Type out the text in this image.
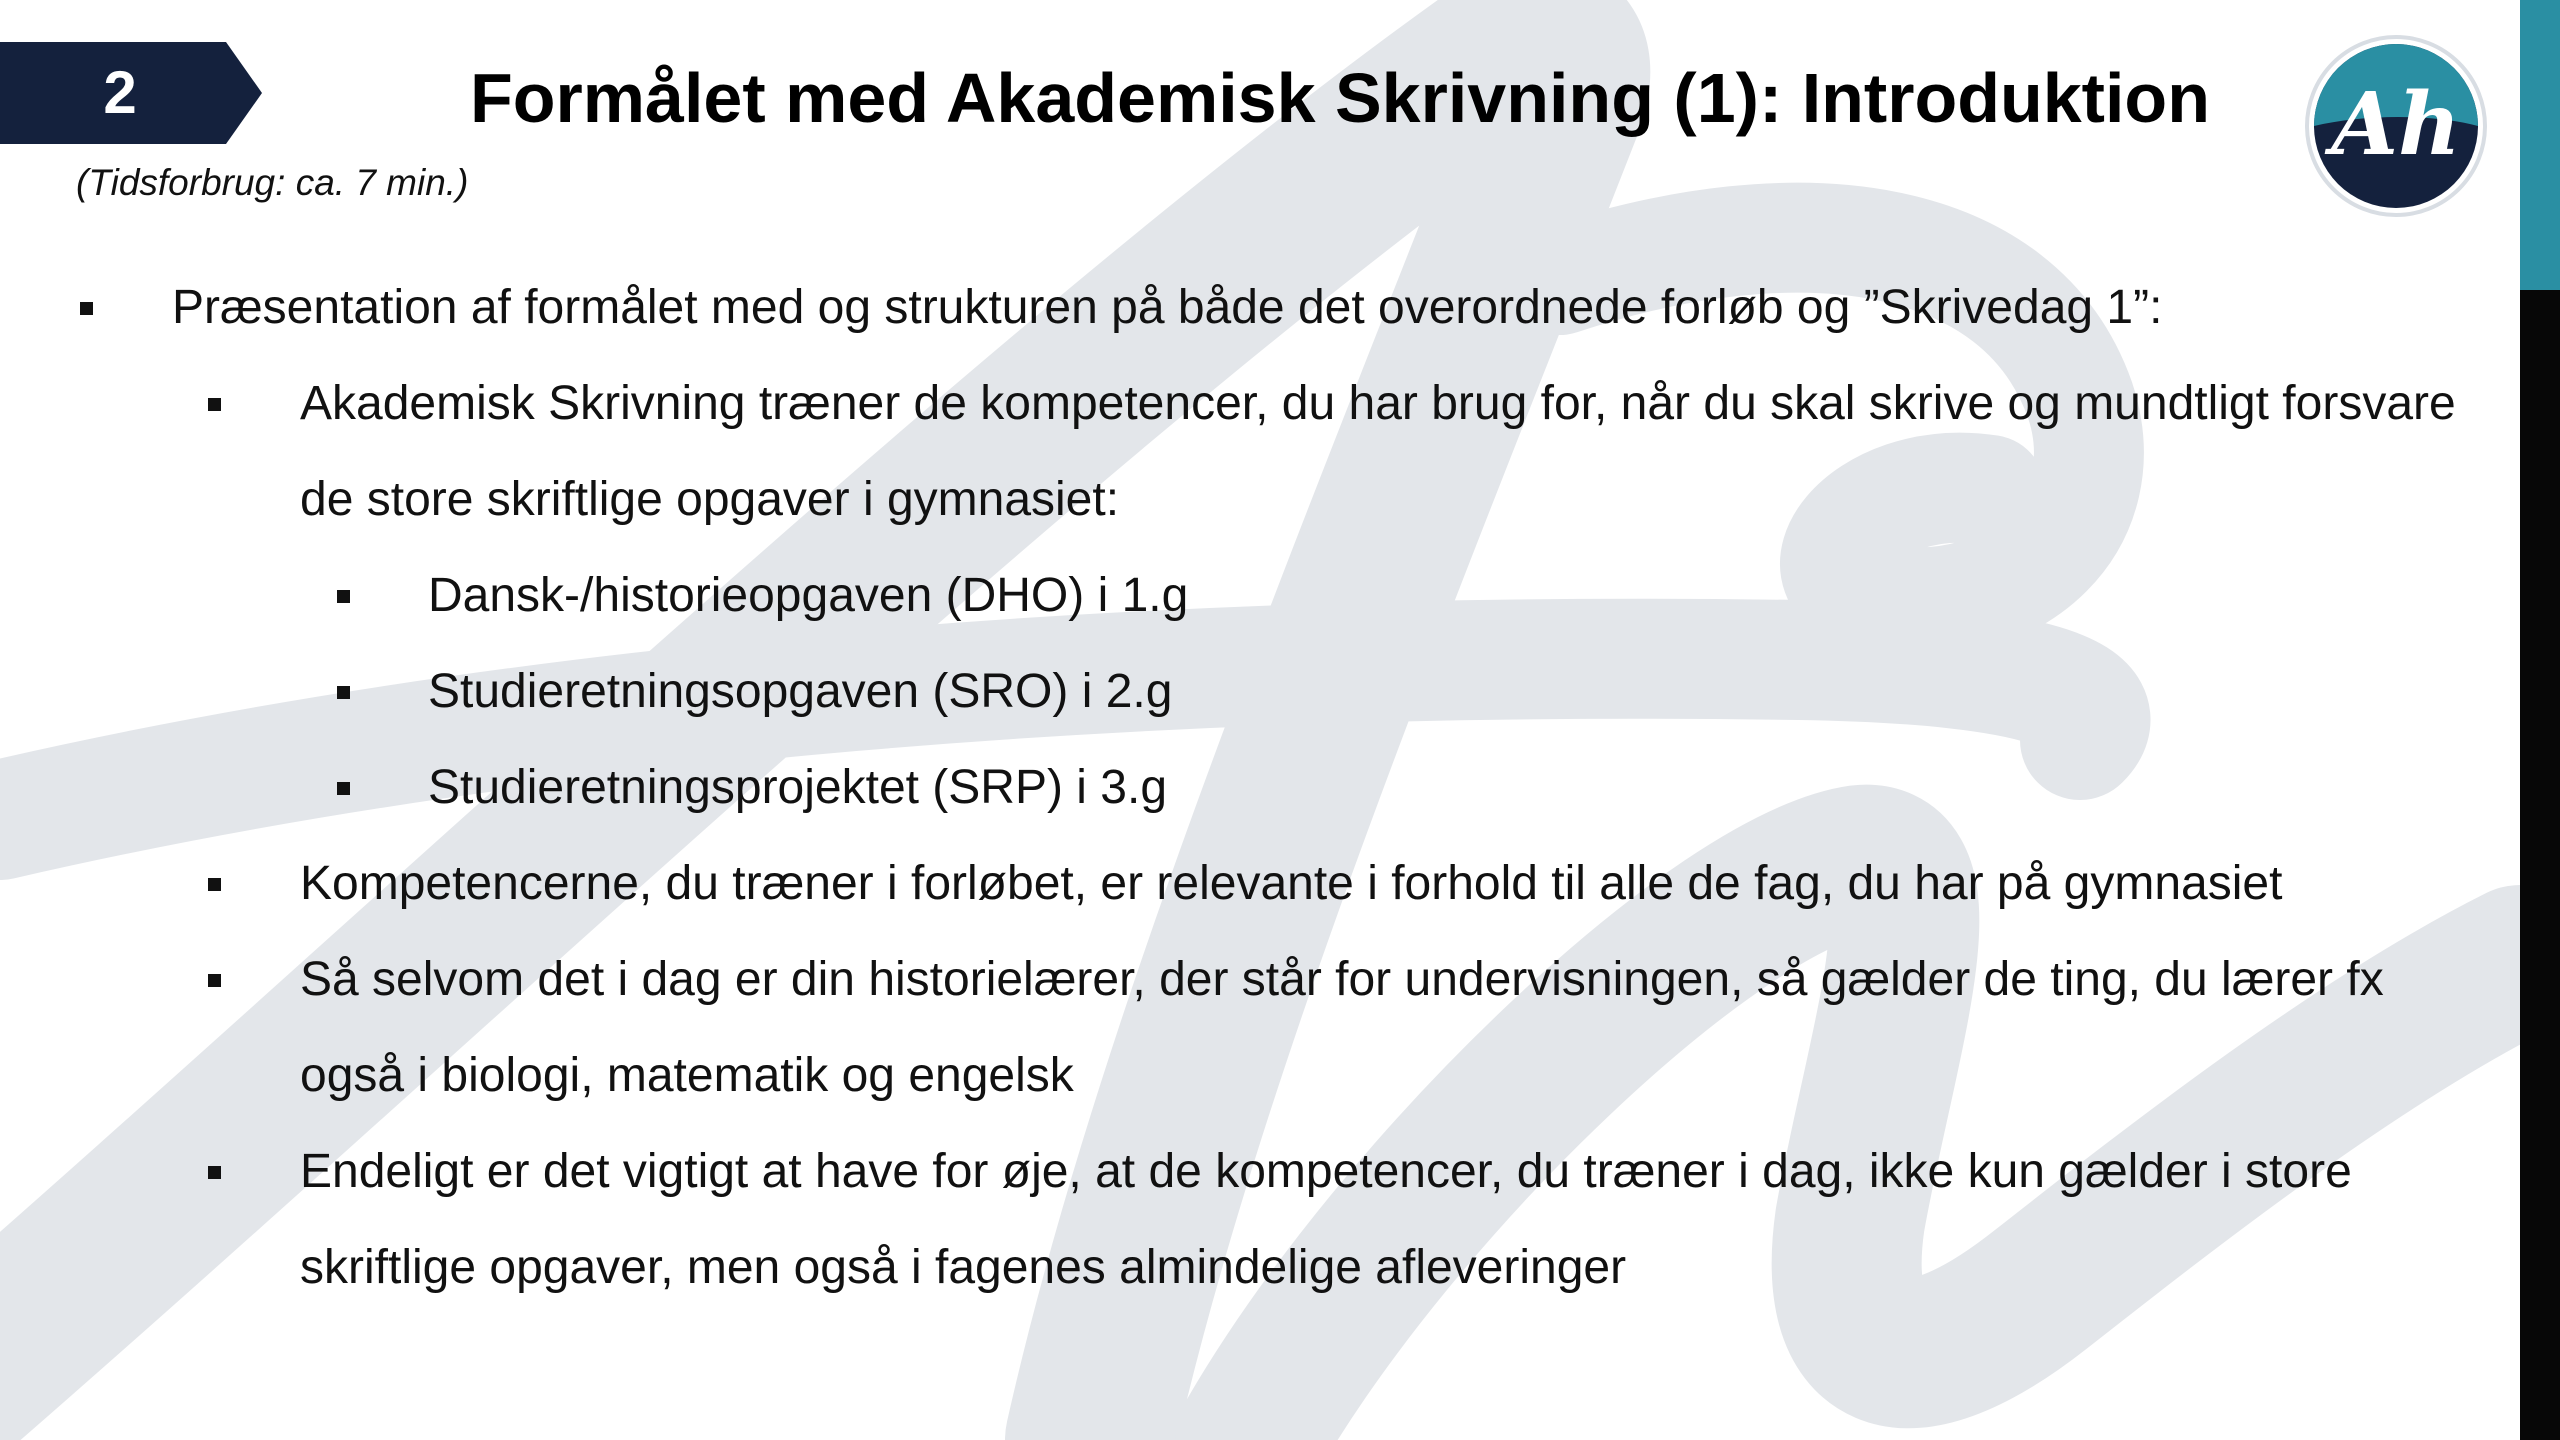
2	Formålet med Akademisk Skrivning (1): Introduktion
(Tidsforbrug: ca. 7 min.)
Ah
Præsentation af formålet med og strukturen på både det overordnede forløb og ”Skrivedag 1”:
Akademisk Skrivning træner de kompetencer, du har brug for, når du skal skrive og mundtligt forsvare de store skriftlige opgaver i gymnasiet:
Dansk-/historieopgaven (DHO) i 1.g
Studieretningsopgaven (SRO) i 2.g
Studieretningsprojektet (SRP) i 3.g
Kompetencerne, du træner i forløbet, er relevante i forhold til alle de fag, du har på gymnasiet
Så selvom det i dag er din historielærer, der står for undervisningen, så gælder de ting, du lærer fx også i biologi, matematik og engelsk
Endeligt er det vigtigt at have for øje, at de kompetencer, du træner i dag, ikke kun gælder i store skriftlige opgaver, men også i fagenes almindelige afleveringer
